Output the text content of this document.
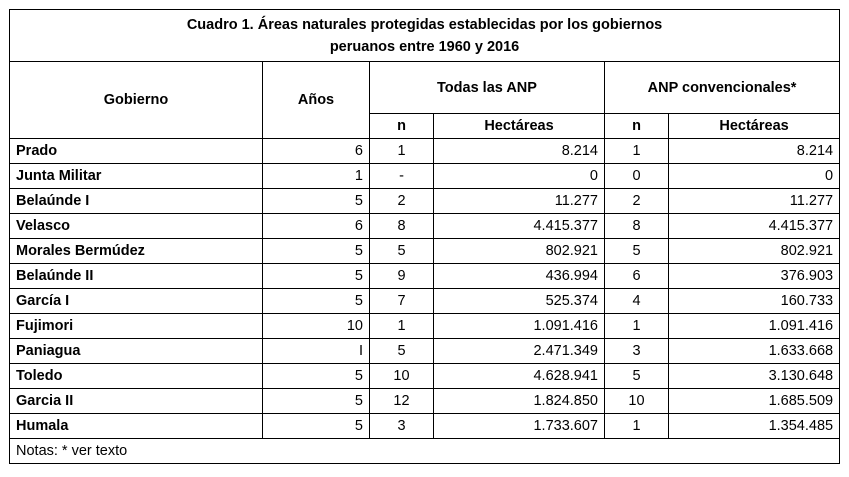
Cuadro 1. Áreas naturales protegidas establecidas por los gobiernos
peruanos entre 1960 y 2016					

Gobierno	Años	Todas las ANP		ANP convencionales*	
		n	Hectáreas	n	Hectáreas
Prado	6	1	8.214	1	8.214
Junta Militar	1	-	0	0	0
Belaúnde I	5	2	11.277	2	11.277
Velasco	6	8	4.415.377	8	4.415.377
Morales Bermúdez	5	5	802.921	5	802.921
Belaúnde II	5	9	436.994	6	376.903
García I	5	7	525.374	4	160.733
Fujimori	10	1	1.091.416	1	1.091.416
Paniagua	I	5	2.471.349	3	1.633.668
Toledo	5	10	4.628.941	5	3.130.648
Garcia II	5	12	1.824.850	10	1.685.509
Humala	5	3	1.733.607	1	1.354.485
Notas: * ver texto					
